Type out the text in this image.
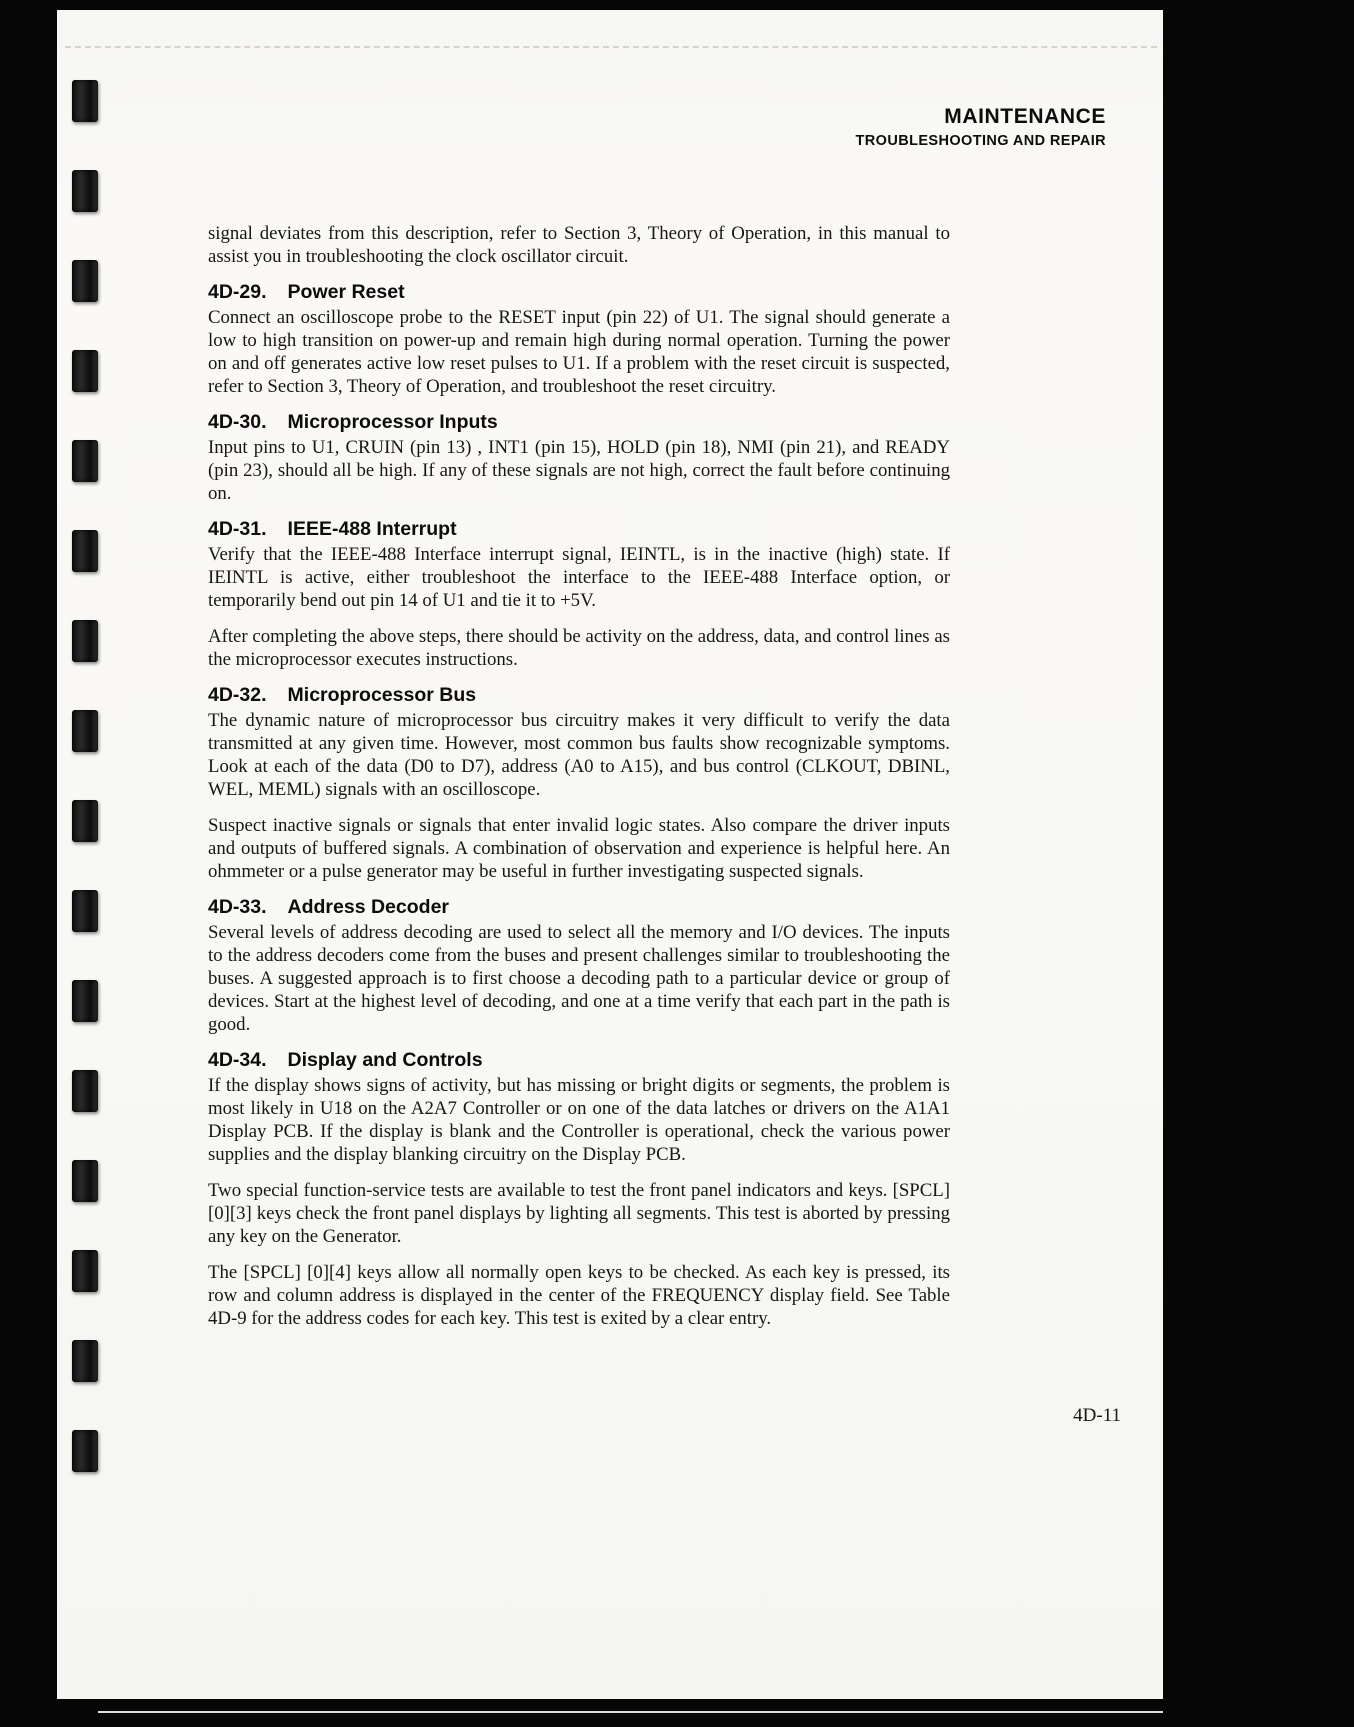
MAINTENANCE
TROUBLESHOOTING AND REPAIR

signal deviates from this description, refer to Section 3, Theory of Operation, in this manual to assist you in troubleshooting the clock oscillator circuit.

4D-29. Power Reset

Connect an oscilloscope probe to the RESET input (pin 22) of U1. The signal should generate a low to high transition on power-up and remain high during normal operation. Turning the power on and off generates active low reset pulses to U1. If a problem with the reset circuit is suspected, refer to Section 3, Theory of Operation, and troubleshoot the reset circuitry.

4D-30. Microprocessor Inputs

Input pins to U1, CRUIN (pin 13) , INT1 (pin 15), HOLD (pin 18), NMI (pin 21), and READY (pin 23), should all be high. If any of these signals are not high, correct the fault before continuing on.

4D-31. IEEE-488 Interrupt

Verify that the IEEE-488 Interface interrupt signal, IEINTL, is in the inactive (high) state. If IEINTL is active, either troubleshoot the interface to the IEEE-488 Interface option, or temporarily bend out pin 14 of U1 and tie it to +5V.

After completing the above steps, there should be activity on the address, data, and control lines as the microprocessor executes instructions.

4D-32. Microprocessor Bus

The dynamic nature of microprocessor bus circuitry makes it very difficult to verify the data transmitted at any given time. However, most common bus faults show recognizable symptoms. Look at each of the data (D0 to D7), address (A0 to A15), and bus control (CLKOUT, DBINL, WEL, MEML) signals with an oscilloscope.

Suspect inactive signals or signals that enter invalid logic states. Also compare the driver inputs and outputs of buffered signals. A combination of observation and experience is helpful here. An ohmmeter or a pulse generator may be useful in further investigating suspected signals.

4D-33. Address Decoder

Several levels of address decoding are used to select all the memory and I/O devices. The inputs to the address decoders come from the buses and present challenges similar to troubleshooting the buses. A suggested approach is to first choose a decoding path to a particular device or group of devices. Start at the highest level of decoding, and one at a time verify that each part in the path is good.

4D-34. Display and Controls

If the display shows signs of activity, but has missing or bright digits or segments, the problem is most likely in U18 on the A2A7 Controller or on one of the data latches or drivers on the A1A1 Display PCB. If the display is blank and the Controller is operational, check the various power supplies and the display blanking circuitry on the Display PCB.

Two special function-service tests are available to test the front panel indicators and keys. [SPCL] [0][3] keys check the front panel displays by lighting all segments. This test is aborted by pressing any key on the Generator.

The [SPCL] [0][4] keys allow all normally open keys to be checked. As each key is pressed, its row and column address is displayed in the center of the FREQUENCY display field. See Table 4D-9 for the address codes for each key. This test is exited by a clear entry.

4D-11
